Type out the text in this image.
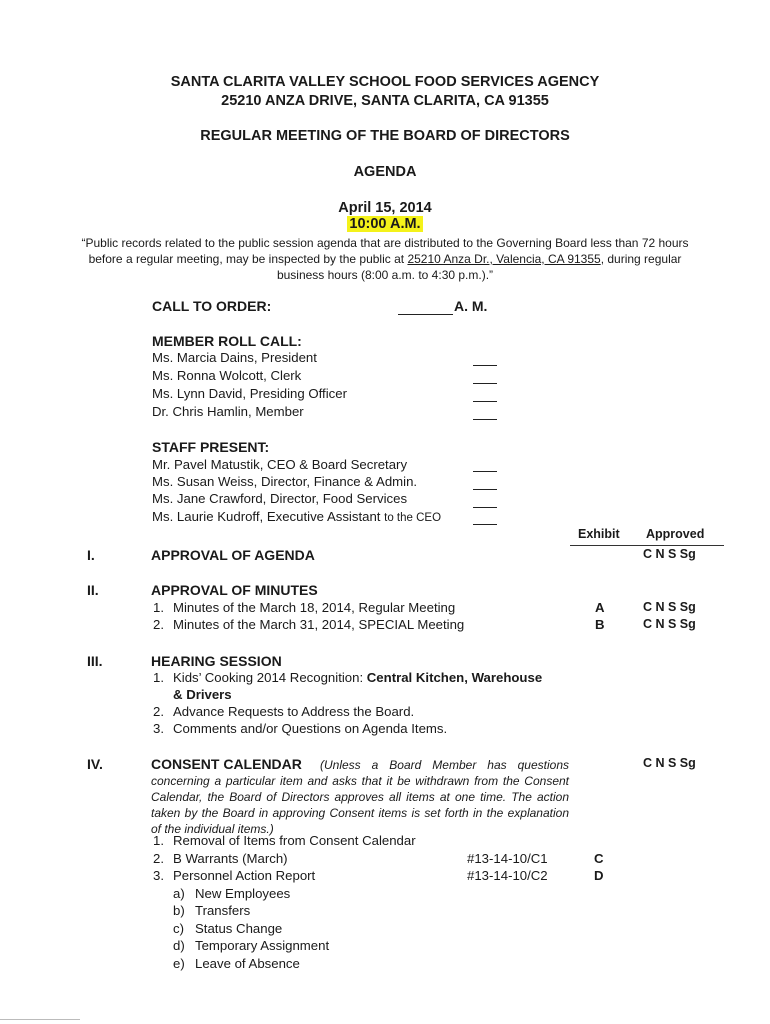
SANTA CLARITA VALLEY SCHOOL FOOD SERVICES AGENCY
25210 ANZA DRIVE, SANTA CLARITA, CA 91355
REGULAR MEETING OF THE BOARD OF DIRECTORS
AGENDA
April 15, 2014
10:00 A.M.
“Public records related to the public session agenda that are distributed to the Governing Board less than 72 hours before a regular meeting, may be inspected by the public at 25210 Anza Dr., Valencia, CA 91355, during regular business hours (8:00 a.m. to 4:30 p.m.).”
CALL TO ORDER:	A. M.
MEMBER ROLL CALL:
Ms. Marcia Dains, President
Ms. Ronna Wolcott, Clerk
Ms. Lynn David, Presiding Officer
Dr. Chris Hamlin, Member
STAFF PRESENT:
Mr. Pavel Matustik, CEO & Board Secretary
Ms. Susan Weiss, Director, Finance & Admin.
Ms. Jane Crawford, Director, Food Services
Ms. Laurie Kudroff, Executive Assistant to the CEO
Exhibit Approved
I.	APPROVAL OF AGENDA	C N S Sg
II.	APPROVAL OF MINUTES
1. Minutes of the March 18, 2014, Regular Meeting	A	C N S Sg
2. Minutes of the March 31, 2014, SPECIAL Meeting	B	C N S Sg
III.	HEARING SESSION
1. Kids’ Cooking 2014 Recognition: Central Kitchen, Warehouse
& Drivers
2. Advance Requests to Address the Board.
3. Comments and/or Questions on Agenda Items.
IV.	CONSENT CALENDAR	C N S Sg
(Unless a Board Member has questions concerning a particular item and asks that it be withdrawn from the Consent Calendar, the Board of Directors approves all items at one time. The action taken by the Board in approving Consent items is set forth in the explanation of the individual items.)
1. Removal of Items from Consent Calendar
2. B Warrants (March)	#13-14-10/C1	C
3. Personnel Action Report	#13-14-10/C2	D
a) New Employees
b) Transfers
c) Status Change
d) Temporary Assignment
e) Leave of Absence
